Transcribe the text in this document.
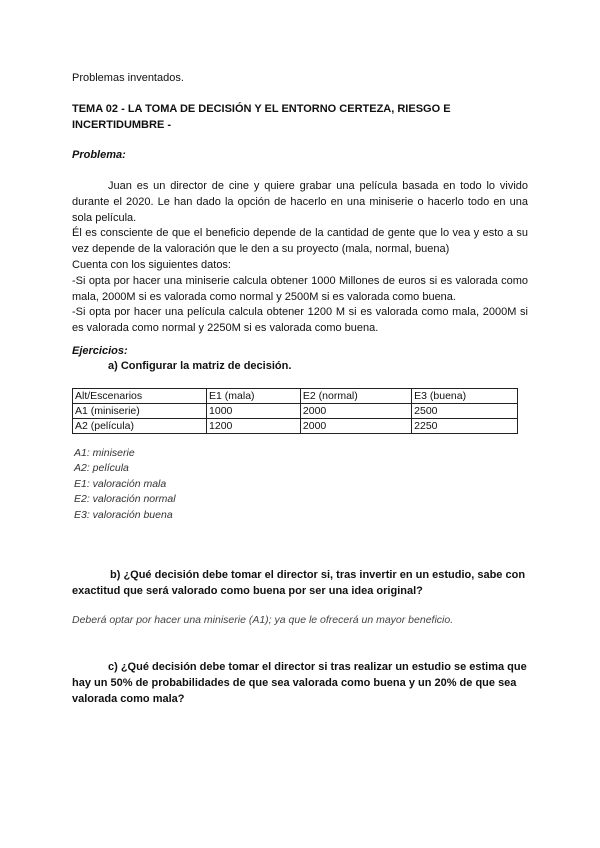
Problemas inventados.
TEMA 02 - LA TOMA DE DECISIÓN Y EL ENTORNO CERTEZA, RIESGO E INCERTIDUMBRE -
Problema:
Juan es un director de cine y quiere grabar una película basada en todo lo vivido durante el 2020. Le han dado la opción de hacerlo en una miniserie o hacerlo todo en una sola película.
Él es consciente de que el beneficio depende de la cantidad de gente que lo vea y esto a su vez depende de la valoración que le den a su proyecto (mala, normal, buena)
Cuenta con los siguientes datos:
-Si opta por hacer una miniserie calcula obtener 1000 Millones de euros si es valorada como mala, 2000M si es valorada como normal y 2500M si es valorada como buena.
-Si opta por hacer una película calcula obtener 1200 M si es valorada como mala, 2000M si es valorada como normal y 2250M si es valorada como buena.
Ejercicios:
a) Configurar la matriz de decisión.
Alt/Escenarios	E1 (mala)	E2 (normal)	E3 (buena)
A1 (miniserie)	1000	2000	2500
A2 (película)	1200	2000	2250
A1: miniserie
A2: película
E1: valoración mala
E2: valoración normal
E3: valoración buena
b) ¿Qué decisión debe tomar el director si, tras invertir en un estudio, sabe con exactitud que será valorado como buena por ser una idea original?
Deberá optar por hacer una miniserie (A1); ya que le ofrecerá un mayor beneficio.
c) ¿Qué decisión debe tomar el director si tras realizar un estudio se estima que hay un 50% de probabilidades de que sea valorada como buena y un 20% de que sea valorada como mala?
